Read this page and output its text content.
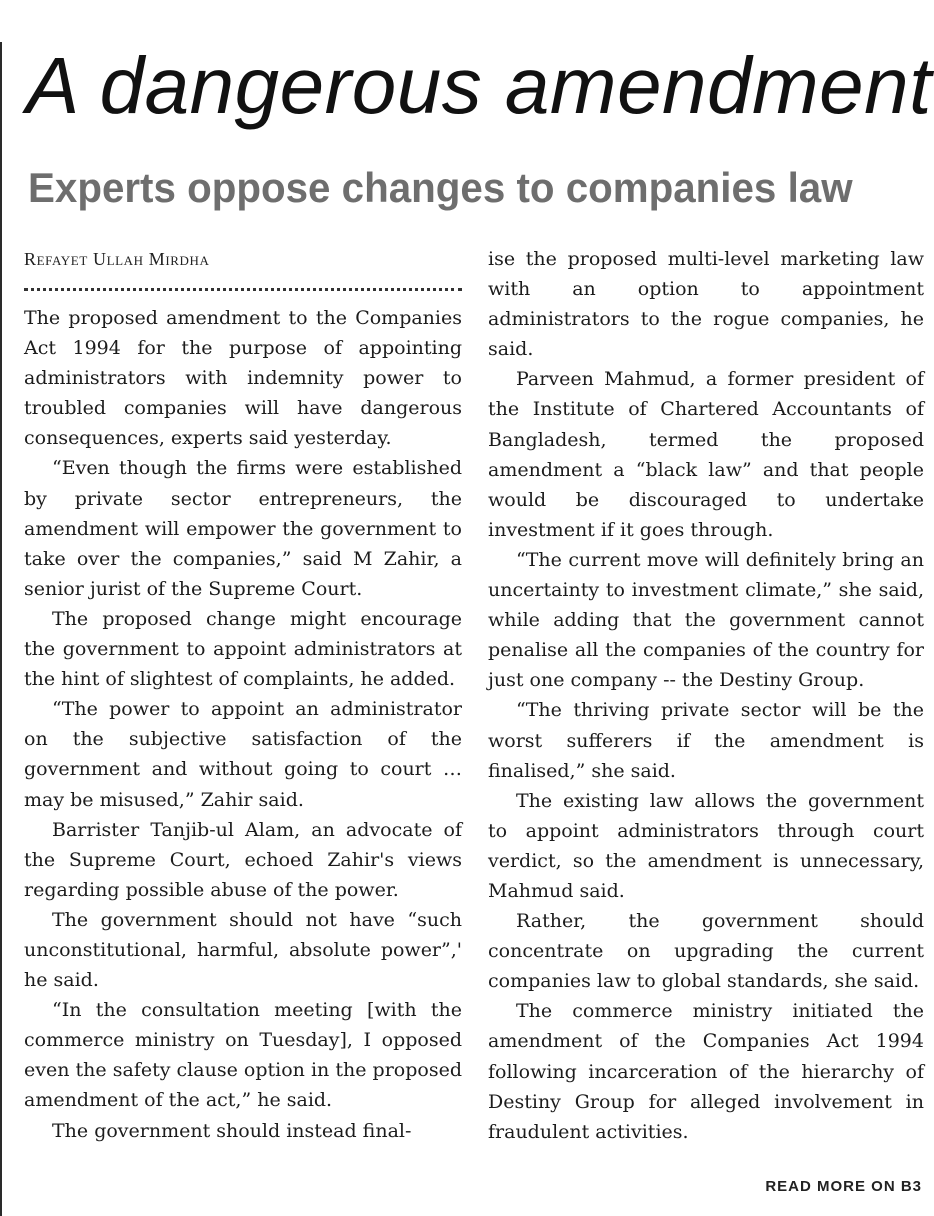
A dangerous amendment
Experts oppose changes to companies law

Refayet Ullah Mirdha

The proposed amendment to the Companies Act 1994 for the purpose of appointing administrators with indemnity power to troubled companies will have dangerous consequences, experts said yesterday.

“Even though the firms were established by private sector entrepreneurs, the amendment will empower the government to take over the companies,” said M Zahir, a senior jurist of the Supreme Court.

The proposed change might encourage the government to appoint administrators at the hint of slightest of complaints, he added.

“The power to appoint an administrator on the subjective satisfaction of the government and without going to court … may be misused,” Zahir said.

Barrister Tanjib-ul Alam, an advocate of the Supreme Court, echoed Zahir's views regarding possible abuse of the power.

The government should not have “such unconstitutional, harmful, absolute power”,' he said.

“In the consultation meeting [with the commerce ministry on Tuesday], I opposed even the safety clause option in the proposed amendment of the act,” he said.

The government should instead final-

ise the proposed multi-level marketing law with an option to appointment administrators to the rogue companies, he said.

Parveen Mahmud, a former president of the Institute of Chartered Accountants of Bangladesh, termed the proposed amendment a “black law” and that people would be discouraged to undertake investment if it goes through.

“The current move will definitely bring an uncertainty to investment climate,” she said, while adding that the government cannot penalise all the companies of the country for just one company -- the Destiny Group.

“The thriving private sector will be the worst sufferers if the amendment is finalised,” she said.

The existing law allows the government to appoint administrators through court verdict, so the amendment is unnecessary, Mahmud said.

Rather, the government should concentrate on upgrading the current companies law to global standards, she said.

The commerce ministry initiated the amendment of the Companies Act 1994 following incarceration of the hierarchy of Destiny Group for alleged involvement in fraudulent activities.

READ MORE ON B3
